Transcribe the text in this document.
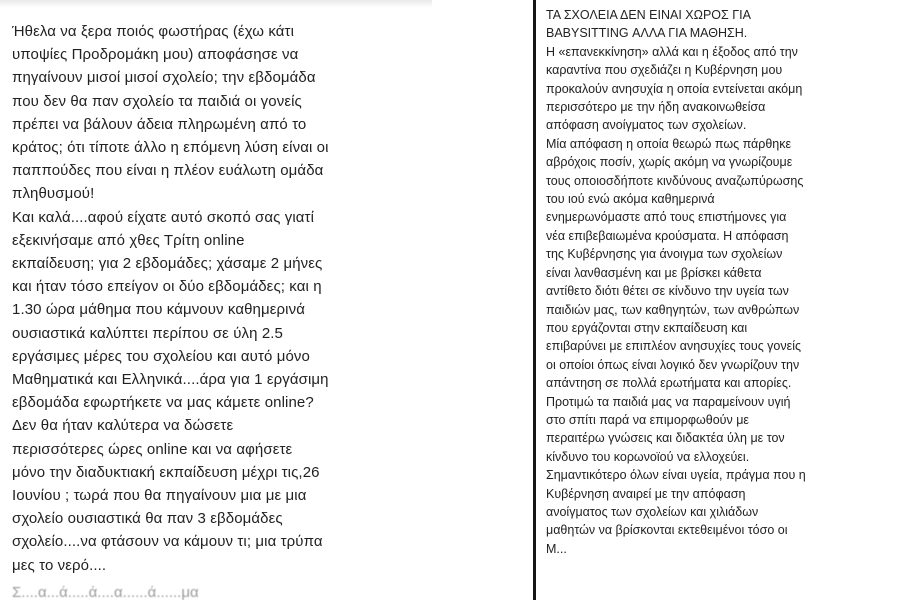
Ήθελα να ξερα ποιός φωστήρας (έχω κάτι
υποψίες Προδρομάκη μου) αποφάσησε να
πηγαίνουν μισοί μισοί σχολείο; την εβδομάδα
που δεν θα παν σχολείο τα παιδιά οι γονείς
πρέπει να βάλουν άδεια πληρωμένη από το
κράτος; ότι τίποτε άλλο η επόμενη λύση είναι οι
παππούδες που είναι η πλέον ευάλωτη ομάδα
πληθυσμού!
Και καλά....αφού είχατε αυτό σκοπό σας γιατί
εξεκινήσαμε από χθες Τρίτη online
εκπαίδευση; για 2 εβδομάδες; χάσαμε 2 μήνες
και ήταν τόσο επείγον οι δύο εβδομάδες; και η
1.30 ώρα μάθημα που κάμνουν καθημερινά
ουσιαστικά καλύπτει περίπου σε ύλη 2.5
εργάσιμες μέρες του σχολείου και αυτό μόνο
Μαθηματικά και Ελληνικά....άρα για 1 εργάσιμη
εβδομάδα εφωρτήκετε να μας κάμετε online?
Δεν θα ήταν καλύτερα να δώσετε
περισσότερες ώρες online και να αφήσετε
μόνο την διαδυκτιακή εκπαίδευση μέχρι τις,26
Ιουνίου ; τωρά που θα πηγαίνουν μια με μια
σχολείο ουσιαστικά θα παν 3 εβδομάδες
σχολείο....να φτάσουν να κάμουν τι; μια τρύπα
μες το νερό....
Σ....α...ά.....ά....α......ά......μα
ΤΑ ΣΧΟΛΕΙΑ ΔΕΝ ΕΙΝΑΙ ΧΩΡΟΣ ΓΙΑ
BABYSITTING ΑΛΛΑ ΓΙΑ ΜΑΘΗΣΗ.
Η «επανεκκίνηση» αλλά και η έξοδος από την
καραντίνα που σχεδιάζει η Κυβέρνηση μου
προκαλούν ανησυχία η οποία εντείνεται ακόμη
περισσότερο με την ήδη ανακοινωθείσα
απόφαση ανοίγματος των σχολείων.
Μία απόφαση η οποία θεωρώ πως πάρθηκε
αβρόχοις ποσίν, χωρίς ακόμη να γνωρίζουμε
τους οποιοσδήποτε κινδύνους αναζωπύρωσης
του ιού ενώ ακόμα καθημερινά
ενημερωνόμαστε από τους επιστήμονες για
νέα επιβεβαιωμένα κρούσματα. Η απόφαση
της Κυβέρνησης για άνοιγμα των σχολείων
είναι λανθασμένη και με βρίσκει κάθετα
αντίθετο διότι θέτει σε κίνδυνο την υγεία των
παιδιών μας, των καθηγητών, των ανθρώπων
που εργάζονται στην εκπαίδευση και
επιβαρύνει με επιπλέον ανησυχίες τους γονείς
οι οποίοι όπως είναι λογικό δεν γνωρίζουν την
απάντηση σε πολλά ερωτήματα και απορίες.
Προτιμώ τα παιδιά μας να παραμείνουν υγιή
στο σπίτι παρά να επιμορφωθούν με
περαιτέρω γνώσεις και διδακτέα ύλη με τον
κίνδυνο του κορωνοϊού να ελλοχεύει.
Σημαντικότερο όλων είναι υγεία, πράγμα που η
Κυβέρνηση αναιρεί με την απόφαση
ανοίγματος των σχολείων και χιλιάδων
μαθητών να βρίσκονται εκτεθειμένοι τόσο οι
Μ...
